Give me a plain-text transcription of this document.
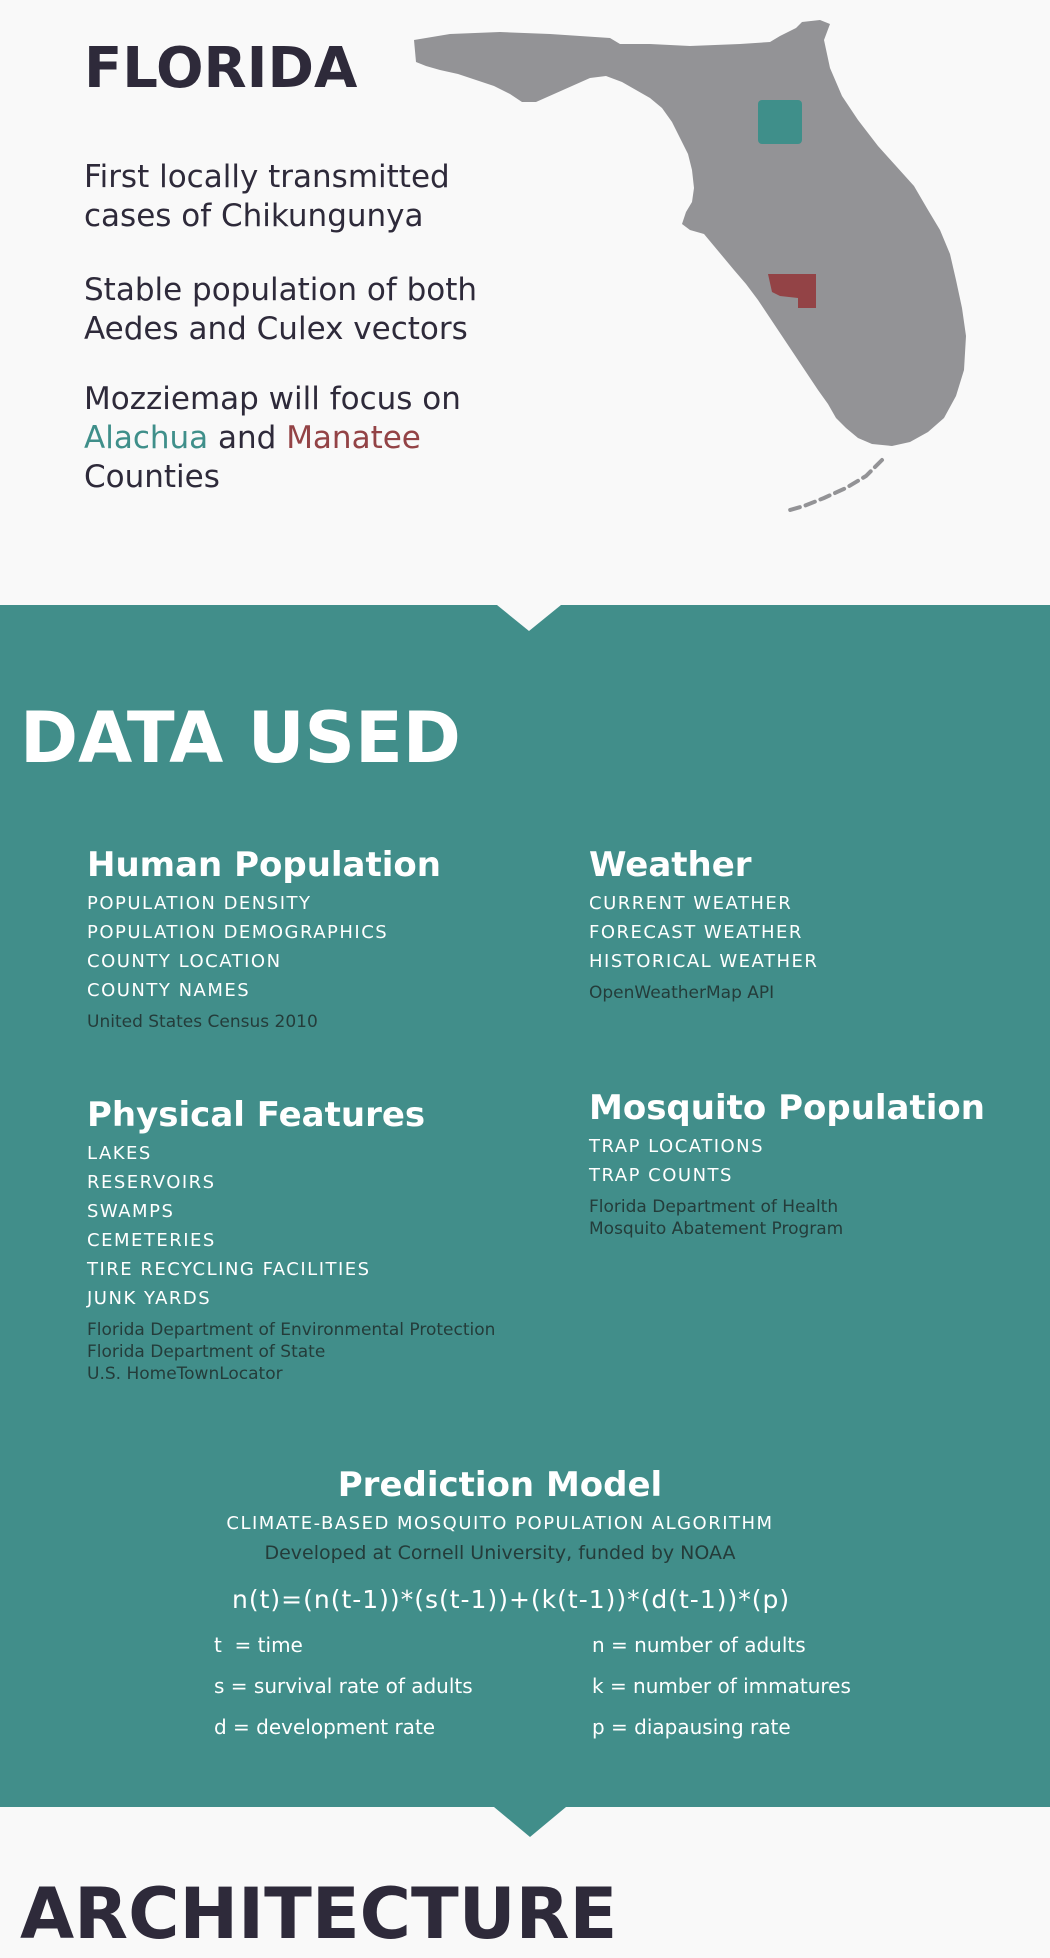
FLORIDA
First locally transmitted
cases of Chikungunya
Stable population of both
Aedes and Culex vectors
Mozziemap will focus on
Alachua and Manatee Counties
DATA USED
Human Population
POPULATION DENSITY
POPULATION DEMOGRAPHICS
COUNTY LOCATION
COUNTY NAMES
United States Census 2010
Weather
CURRENT WEATHER
FORECAST WEATHER
HISTORICAL WEATHER
OpenWeatherMap API
Physical Features
LAKES
RESERVOIRS
SWAMPS
CEMETERIES
TIRE RECYCLING FACILITIES
JUNK YARDS
Florida Department of Environmental Protection
Florida Department of State
U.S. HomeTownLocator
Mosquito Population
TRAP LOCATIONS
TRAP COUNTS
Florida Department of Health
Mosquito Abatement Program
Prediction Model
CLIMATE-BASED MOSQUITO POPULATION ALGORITHM
Developed at Cornell University, funded by NOAA
n(t)=(n(t-1))*(s(t-1))+(k(t-1))*(d(t-1))*(p)
t  = time
s = survival rate of adults
d = development rate
n = number of adults
k = number of immatures
p = diapausing rate
ARCHITECTURE
